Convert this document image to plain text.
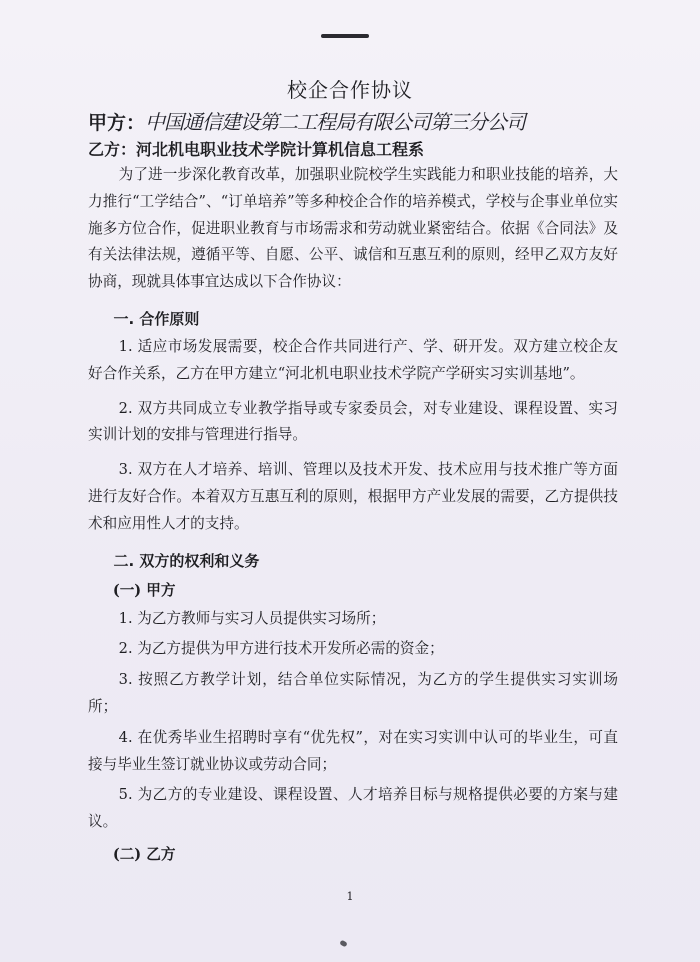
校企合作协议
甲方：中国通信建设第二工程局有限公司第三分公司
乙方：河北机电职业技术学院计算机信息工程系

为了进一步深化教育改革，加强职业院校学生实践能力和职业技能的培养，大力推行“工学结合”、“订单培养”等多种校企合作的培养模式，学校与企事业单位实施多方位合作，促进职业教育与市场需求和劳动就业紧密结合。依据《合同法》及有关法律法规，遵循平等、自愿、公平、诚信和互惠互利的原则，经甲乙双方友好协商，现就具体事宜达成以下合作协议：

一. 合作原则

1. 适应市场发展需要，校企合作共同进行产、学、研开发。双方建立校企友好合作关系，乙方在甲方建立“河北机电职业技术学院产学研实习实训基地”。

2. 双方共同成立专业教学指导或专家委员会，对专业建设、课程设置、实习实训计划的安排与管理进行指导。

3. 双方在人才培养、培训、管理以及技术开发、技术应用与技术推广等方面进行友好合作。本着双方互惠互利的原则，根据甲方产业发展的需要，乙方提供技术和应用性人才的支持。

二. 双方的权利和义务
(一) 甲方

1. 为乙方教师与实习人员提供实习场所；

2. 为乙方提供为甲方进行技术开发所必需的资金；

3. 按照乙方教学计划，结合单位实际情况，为乙方的学生提供实习实训场所；

4. 在优秀毕业生招聘时享有“优先权”，对在实习实训中认可的毕业生，可直接与毕业生签订就业协议或劳动合同；

5. 为乙方的专业建设、课程设置、人才培养目标与规格提供必要的方案与建议。

(二) 乙方
1
